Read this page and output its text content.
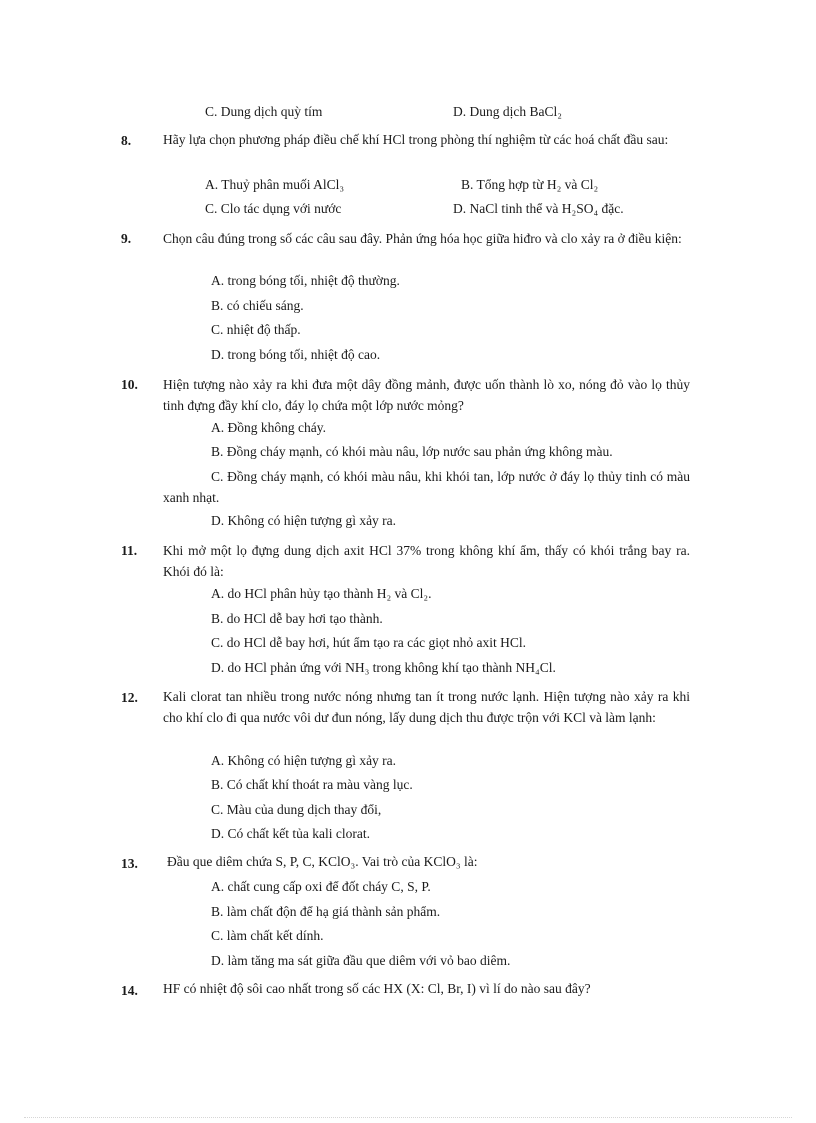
C. Dung dịch quỳ tím	D. Dung dịch BaCl₂
8.	Hãy lựa chọn phương pháp điều chế khí HCl trong phòng thí nghiệm từ các hoá chất đầu sau:
A. Thuỷ phân muối AlCl₃	B. Tổng hợp từ H₂ và Cl₂
C. Clo tác dụng với nước	D. NaCl tinh thể và H₂SO₄ đặc.
9.	Chọn câu đúng trong số các câu sau đây. Phản ứng hóa học giữa hiđro và clo xảy ra ở điều kiện:
A. trong bóng tối, nhiệt độ thường.
B. có chiếu sáng.
C. nhiệt độ thấp.
D. trong bóng tối, nhiệt độ cao.
10.	Hiện tượng nào xảy ra khi đưa một dây đồng mảnh, được uốn thành lò xo, nóng đỏ vào lọ thủy tinh đựng đầy khí clo, đáy lọ chứa một lớp nước mỏng?
A. Đồng không cháy.
B. Đồng cháy mạnh, có khói màu nâu, lớp nước sau phản ứng không màu.
C. Đồng cháy mạnh, có khói màu nâu, khi khói tan, lớp nước ở đáy lọ thủy tinh có màu xanh nhạt.
D. Không có hiện tượng gì xảy ra.
11.	Khi mở một lọ đựng dung dịch axit HCl 37% trong không khí ẩm, thấy có khói trắng bay ra. Khói đó là:
A. do HCl phân hủy tạo thành H₂ và Cl₂.
B. do HCl dễ bay hơi tạo thành.
C. do HCl dễ bay hơi, hút ẩm tạo ra các giọt nhỏ axit HCl.
D. do HCl phản ứng với NH₃ trong không khí tạo thành NH₄Cl.
12.	Kali clorat tan nhiều trong nước nóng nhưng tan ít trong nước lạnh. Hiện tượng nào xảy ra khi cho khí clo đi qua nước vôi dư đun nóng, lấy dung dịch thu được trộn với KCl và làm lạnh:
A. Không có hiện tượng gì xảy ra.
B. Có chất khí thoát ra màu vàng lục.
C. Màu của dung dịch thay đổi,
D. Có chất kết tủa kali clorat.
13.	Đầu que diêm chứa S, P, C, KClO₃. Vai trò của KClO₃ là:
A. chất cung cấp oxi để đốt cháy C, S, P.
B. làm chất độn để hạ giá thành sản phẩm.
C. làm chất kết dính.
D. làm tăng ma sát giữa đầu que diêm với vỏ bao diêm.
14.	HF có nhiệt độ sôi cao nhất trong số các HX (X: Cl, Br, I) vì lí do nào sau đây?
